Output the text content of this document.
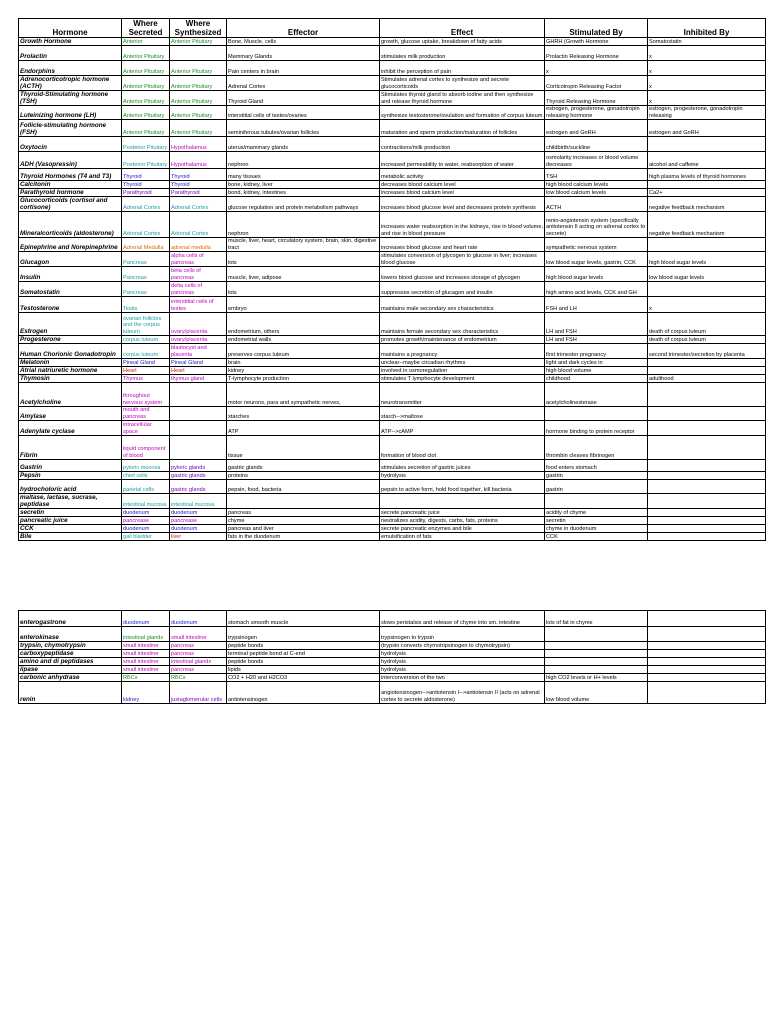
Hormone	Where Secreted	Where Synthesized	Effector	Effect	Stimulated By	Inhibited By
Growth Hormone	Anterior	Anterior Pituitary	Bone, Muscle, cells	growth, glucose uptake, breakdown of fatty acids	GHRH (Growth Hormone	Somatostatin
Prolactin	Anterior Pituitary		Mammary Glands	stimulates milk production	Prolactin Releasing Hormone	x
Endorphins	Anterior Pituitary	Anterior Pituitary	Pain centers in brain	inhibit the perception of pain	x	x
Adrenocorticotropic hormone (ACTH)	Anterior Pituitary	Anterior Pituitary	Adrenal Cortex	Stimulates adrenal cortex to synthesize and secrete glucocorticoids	Corticotropin Releasing Factor	x
Thyroid-Stimulating hormone (TSH)	Anterior Pituitary	Anterior Pituitary	Thyroid Gland	Stimulates thyroid gland to absorb iodine and then synthesize and release thyroid hormone	Thyroid Releasing Hormone	x
Luteinizing hormone (LH)	Anterior Pituitary	Anterior Pituitary	interstitial cells of testes/ovaries	synthesize testosterone/ovulation and formation of corpus luteum	estrogen, progesterone, gonadotropin releasing hormone	estrogen, progesterone, gonadotropin releasing
Follicle-stimulating hormone (FSH)	Anterior Pituitary	Anterior Pituitary	seminiferous tubules/ovarian follicles	maturation and sperm production/maturation of follicles	estrogen and GnRH	estrogen and GnRH
Oxytocin	Posterior Pituitary	Hypothalamus	uterus/mammary glands	contractions/milk production	childbirth/suckline	
ADH (Vasopressin)	Posterior Pituitary	Hypothalamus	nephron	increased permeability to water, reabsorption of water	osmolarity increases or blood volume decreases	alcohol and caffeine
Thyroid Hormones (T4 and T3)	Thyroid	Thyroid	many tissues	metabolic activity	TSH	high plasma levels of thyroid hormones
Calcitonin	Thyroid	Thyroid	bone, kidney, liver	decreases blood calcium level	high blood calcium levels	
Parathyroid hormone	Parathyroid	Parathyroid	bond, kidney, intestines	increases blood calcium level	low blood calcium levels	Ca2+
Glucocorticoids (cortisol and cortisone)	Adrenal Cortex	Adrenal Cortex	glucose regulation and protein metabolism pathways	increases blood glucose level and decreases protein synthesis	ACTH	negative feedback mechanism
Mineralcorticoids (aldosterone)	Adrenal Cortex	Adrenal Cortex	nephron	increases water reabsorption in the kidneys, rise in blood volume, and rise in blood pressure	renin-angiotensin system (specifically antiotensin II acting on adrenal cortex to secrete)	negative feedback mechanism
Epinephrine and Norepinephrine	Adrenal Medulla	adrenal medulla	muscle, liver, heart, circulatory system, brain, skin, digestive tract	increases blood glucose and heart rate	sympathetic nervous system	
Glucagon	Pancreas	alpha cells of pancreas	lots	stimulates conversion of glycogen to glucose in liver; increases blood glucose	low blood sugar levels, gastrin, CCK	high blood sugar levels
Insulin	Pancreas	beta cells of pancreas	muscle, liver, adipose	lowers blood glucose and increases storage of glycogen	high blood sugar levels	low blood sugar levels
Somatostatin	Pancreas	delta cells of pancreas	lots	suppresses secretion of glucagon and insulin	high amino acid levels, CCK and GH	
Testosterone	Testis	interstitial cells of testes	embryo	maintains male secondary sex characteristics	FSH and LH	x
Estrogen	ovarian follicles and the corpus luteum	ovary/placenta	endometrium, others	maintains female secondary sex characteristics	LH and FSH	death of corpus luteum
Progesterone	corpus luteum	ovary/placenta	endometrial walls	promotes growth/maintenance of endometrium	LH and FSH	death of corpus luteum
Human Chorionic Gonadotropin	corpus luteum	blastocyst and placenta	preserves corpus luteum	maintains a pregnancy	first trimester pregnancy	second trimester/secretion by placenta
Melatonin	Pineal Gland	Pineal Gland	brain	unclear--maybe circadian rhythms	light and dark cycles in	
Atrial natriuretic hormone	Heart	Heart	kidney	involved in osmoregulation	high blood volume	
Thymosin	Thymus	thymus gland	T-lymphocyte production	stimulates T lymphocyte development	childhood	adulthood
Acetylcholine	throughout nervous system		motor neurons, para and sympathetic nerves,	neurotransmitter	acetylcholinesterase	
Amylase	mouth and pancreas		starches	starch-->maltose		
Adenylate cyclase	intracellular space		ATP	ATP-->cAMP	hormone binding to protein receptor	
Fibrin	liquid component of blood		tissue	formation of blood clot	thrombin cleaves fibrinogen	
Gastrin	pyloric mucosa	pyloric glands	gastric glands	stimulates secretion of gastric juices	food enters stomach	
Pepsin	chief cells	gastric glands	proteins	hydrolysis	gastrin	
hydrocholoric acid	parietal cells	gastric glands	pepsin, food, bacteria	pepsin to active form, hold food together, kill bacteria	gastrin	
maltase, lactase, sucrase, peptidase	intestinal mucosa	intestinal mucosa				
secretin	duodenum	duodenum	pancreas	secrete pancreatic juice	acidity of chyme	
pancreatic juice	pancrease	pancrease	chyme	neutralizes acidity, digests, carbs, fats, proteins	secretin	
CCK	duodenum	duodenum	pancreas and liver	secrete pancreatic enzymes and bile	chyme in duodenum	
Bile	gall bladder	liver	fats in the duodenum	emulsification of fats	CCK	
enterogastrone	duodenum	duodenum	stomach smooth muscle	slows peristalsis and release of chyme into sm. intestine	lots of fat in chyme	
enterokinase	intestinal glands	small intestine	trypsinogen	trypsinogen to trypsin		
trypsin, chymotrypsin	small intestine	pancreas	peptide bonds	(trypsin converts chymotripsinogen to chymotrypsin)		
carboxypeptidase	small intestine	pancreas	terminal peptide bond at C-end	hydrolysis		
amino and di peptidases	small intestine	intestinal glands	peptide bonds	hydrolysis		
lipase	small intestine	pancreas	lipids	hydrolysis		
carbonic anhydrase	RBCs	RBCs	CO2 + H20 and H2CO3	interconversion of the two	high CO2 levels or H+ levels	
renin	kidney	juxtaglomerular cells	antiotensinogen	angiotensinogen-->antiotensin I-->antiotensin II (acts on adrenal cortex to secrete aldosterone)	low blood volume	
